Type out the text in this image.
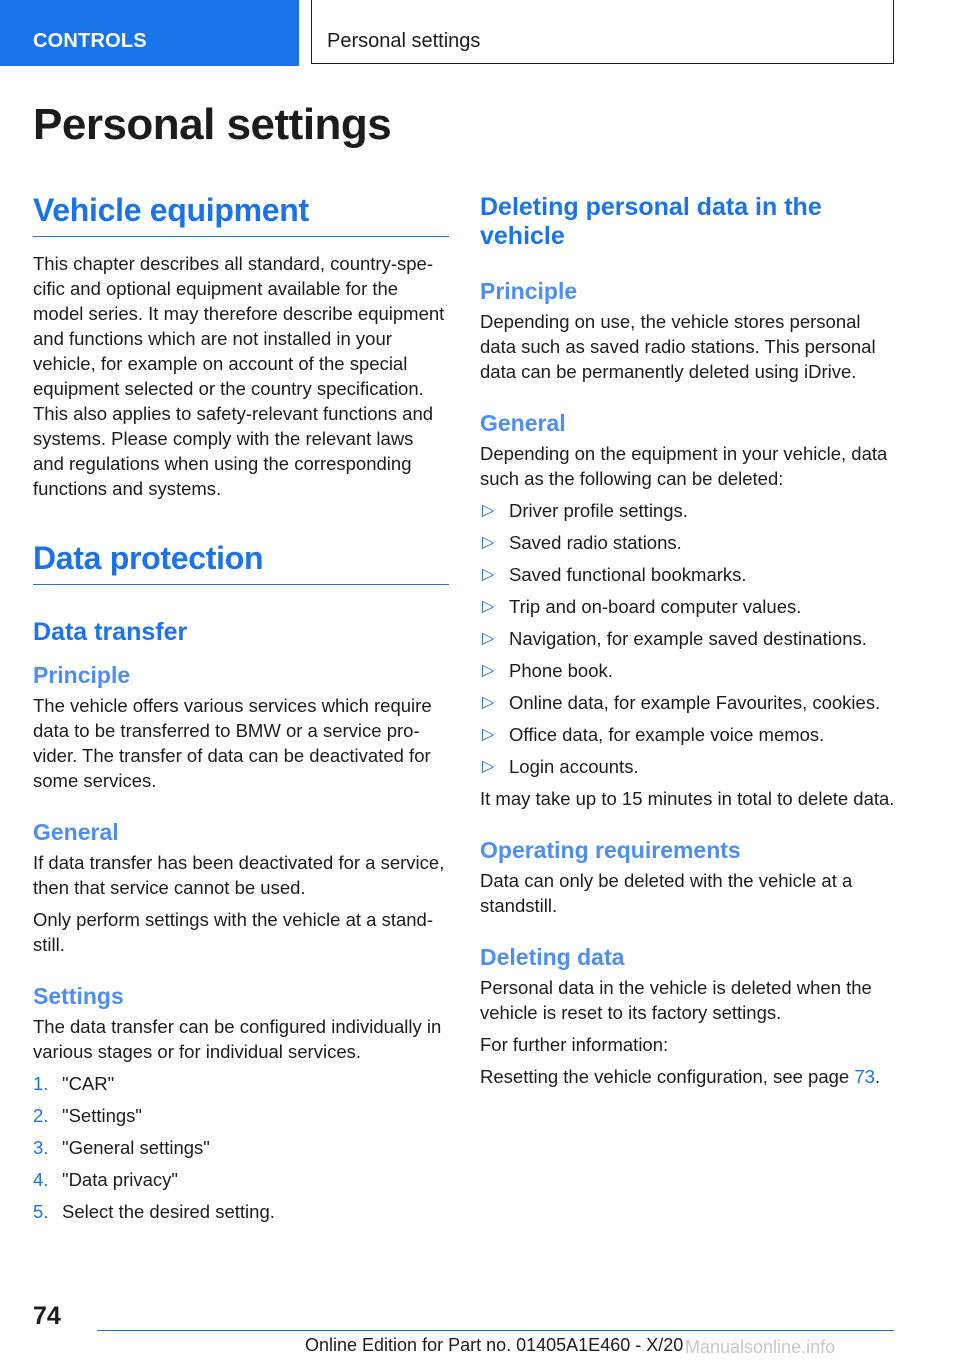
CONTROLS	Personal settings
Personal settings
Vehicle equipment

This chapter describes all standard, country-specific and optional equipment available for the model series. It may therefore describe equipment and functions which are not installed in your vehicle, for example on account of the special equipment selected or the country specification. This also applies to safety-relevant functions and systems. Please comply with the relevant laws and regulations when using the corresponding functions and systems.

Data protection
Data transfer
Principle

The vehicle offers various services which require data to be transferred to BMW or a service provider. The transfer of data can be deactivated for some services.

General

If data transfer has been deactivated for a service, then that service cannot be used.

Only perform settings with the vehicle at a standstill.

Settings

The data transfer can be configured individually in various stages or for individual services.

1. "CAR"
2. "Settings"
3. "General settings"
4. "Data privacy"
5. Select the desired setting.
Deleting personal data in the vehicle
Principle

Depending on use, the vehicle stores personal data such as saved radio stations. This personal data can be permanently deleted using iDrive.

General

Depending on the equipment in your vehicle, data such as the following can be deleted:

▷ Driver profile settings.
▷ Saved radio stations.
▷ Saved functional bookmarks.
▷ Trip and on-board computer values.
▷ Navigation, for example saved destinations.
▷ Phone book.
▷ Online data, for example Favourites, cookies.
▷ Office data, for example voice memos.
▷ Login accounts.

It may take up to 15 minutes in total to delete data.

Operating requirements

Data can only be deleted with the vehicle at a standstill.

Deleting data

Personal data in the vehicle is deleted when the vehicle is reset to its factory settings.

For further information:

Resetting the vehicle configuration, see page 73.

74
Online Edition for Part no. 01405A1E460 - X/20 Manualsonline.info
